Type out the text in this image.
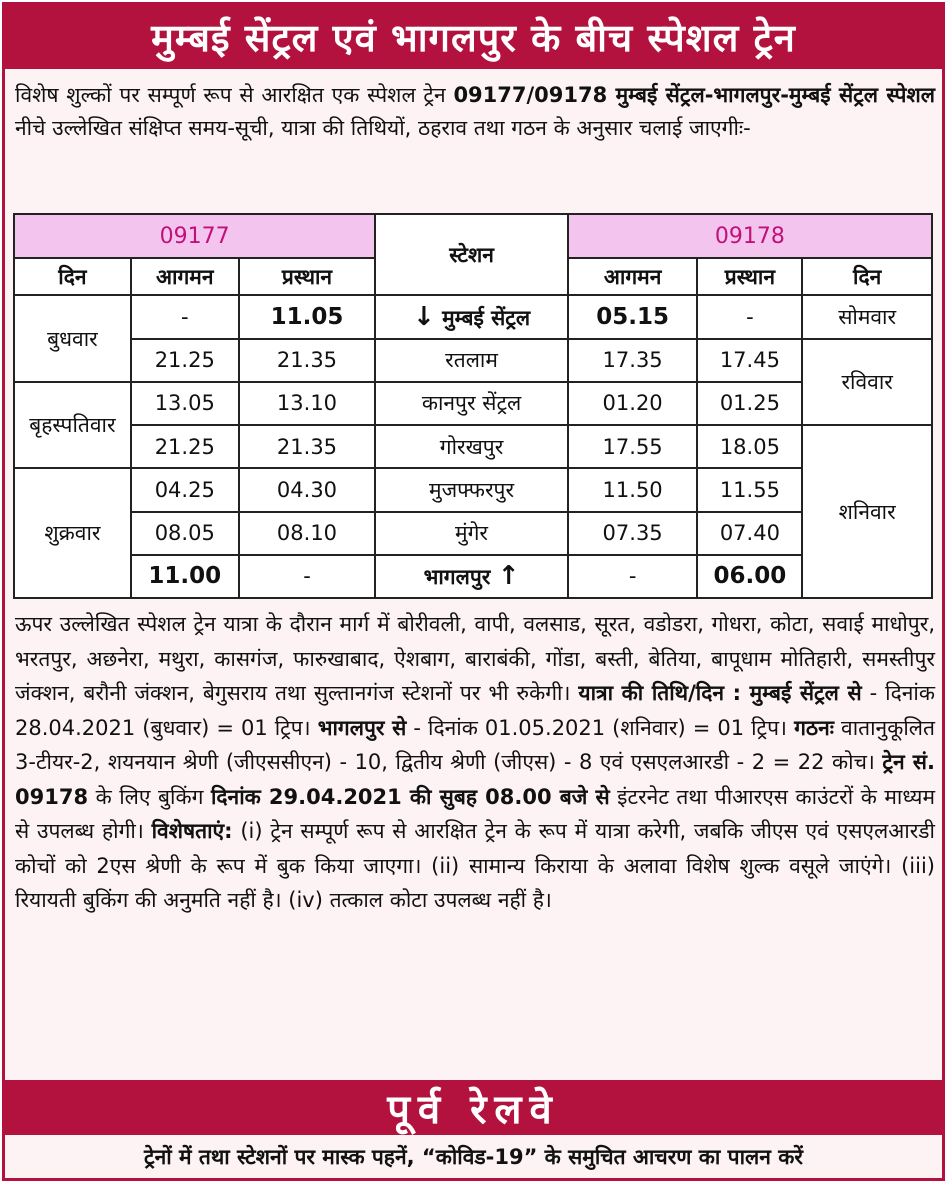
मुम्बई सेंट्रल एवं भागलपुर के बीच स्पेशल ट्रेन
विशेष शुल्कों पर सम्पूर्ण रूप से आरक्षित एक स्पेशल ट्रेन 09177/09178 मुम्बई सेंट्रल-भागलपुर-मुम्बई सेंट्रल स्पेशल नीचे उल्लेखित संक्षिप्त समय-सूची, यात्रा की तिथियों, ठहराव तथा गठन के अनुसार चलाई जाएगीः-
09177			स्टेशन	09178		
दिन	आगमन	प्रस्थान		आगमन	प्रस्थान	दिन
बुधवार	-	11.05	↓ मुम्बई सेंट्रल	05.15	-	सोमवार
	21.25	21.35	रतलाम	17.35	17.45	रविवार
बृहस्पतिवार	13.05	13.10	कानपुर सेंट्रल	01.20	01.25	
	21.25	21.35	गोरखपुर	17.55	18.05	शनिवार
शुक्रवार	04.25	04.30	मुजफ्फरपुर	11.50	11.55	
	08.05	08.10	मुंगेर	07.35	07.40	
	11.00	-	भागलपुर ↑	-	06.00	
ऊपर उल्लेखित स्पेशल ट्रेन यात्रा के दौरान मार्ग में बोरीवली, वापी, वलसाड, सूरत, वडोडरा, गोधरा, कोटा, सवाई माधोपुर, भरतपुर, अछनेरा, मथुरा, कासगंज, फारुखाबाद, ऐशबाग, बाराबंकी, गोंडा, बस्ती, बेतिया, बापूधाम मोतिहारी, समस्तीपुर जंक्शन, बरौनी जंक्शन, बेगुसराय तथा सुल्तानगंज स्टेशनों पर भी रुकेगी। यात्रा की तिथि/दिन : मुम्बई सेंट्रल से - दिनांक 28.04.2021 (बुधवार) = 01 ट्रिप। भागलपुर से - दिनांक 01.05.2021 (शनिवार) = 01 ट्रिप। गठनः वातानुकूलित 3-टीयर-2, शयनयान श्रेणी (जीएससीएन) - 10, द्वितीय श्रेणी (जीएस) - 8 एवं एसएलआरडी - 2 = 22 कोच। ट्रेन सं. 09178 के लिए बुकिंग दिनांक 29.04.2021 की सुबह 08.00 बजे से इंटरनेट तथा पीआरएस काउंटरों के माध्यम से उपलब्ध होगी। विशेषताएं: (i) ट्रेन सम्पूर्ण रूप से आरक्षित ट्रेन के रूप में यात्रा करेगी, जबकि जीएस एवं एसएलआरडी कोचों को 2एस श्रेणी के रूप में बुक किया जाएगा। (ii) सामान्य किराया के अलावा विशेष शुल्क वसूले जाएंगे। (iii) रियायती बुकिंग की अनुमति नहीं है। (iv) तत्काल कोटा उपलब्ध नहीं है।
पूर्व रेलवे
ट्रेनों में तथा स्टेशनों पर मास्क पहनें, “कोविड-19” के समुचित आचरण का पालन करें
